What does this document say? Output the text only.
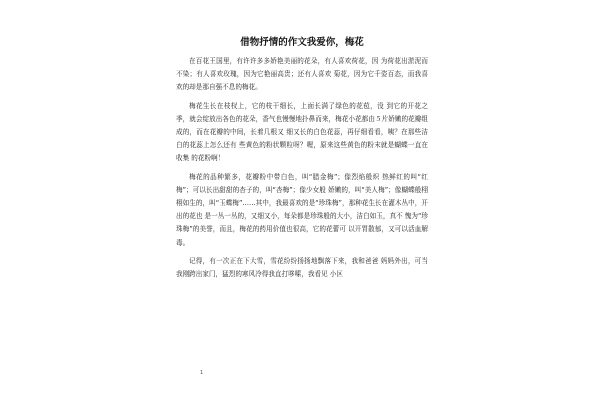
借物抒情的作文我爱你，梅花

在百花王国里，有许许多多娇艳美丽的花朵，有人喜欢荷花，因 为荷花出淤泥而不染；有人喜欢玫瑰，因为它艳丽高贵；还有人喜欢 菊花，因为它千姿百态，而我喜欢的却是那自强不息的梅花。

梅花生长在枝杈上，它的枝干细长，上面长满了绿色的花苞，没 到它的开花之季，就会绽放出各色的花朵，香气也慢慢地扑鼻而来，梅花小花都由５片娇嫩的花瓣组成的，而在花瓣的中间，长着几根又 细又长的白色花蕊，再仔细看看，咦？在那些洁白的花蕊上怎么还有 些黄色的粉状颗粒呀？喔，原来这些黄色的粉末就是蝴蝶一直在收集 的花粉啊！

梅花的品种繁多，花瓣粉中带白色，叫“腊金梅”；像烈焰般炽 热鲜红的叫“红梅”；可以长出甜甜的杏子的，叫“杏梅”；像少女般 娇嫩的，叫“美人梅”；像蝴蝶般栩栩如生的，叫“玉蝶梅”……其中，我最喜欢的是“珍珠梅”，那种花生长在灌木丛中，开出的花也 是一丛一丛的，又细又小，每朵都是珍珠般的大小，洁白如玉，真不 愧为“珍珠梅”的美誉，而且，梅花的药用价值也很高，它的花蕾可 以开胃散郁，又可以活血解毒。

记得，有一次正在下大雪，雪花纷纷扬扬地飘落下来，我和爸爸 妈妈外出，可当我刚跨出家门，猛烈的寒风冷得我直打哆嗦，我看见 小区

1
